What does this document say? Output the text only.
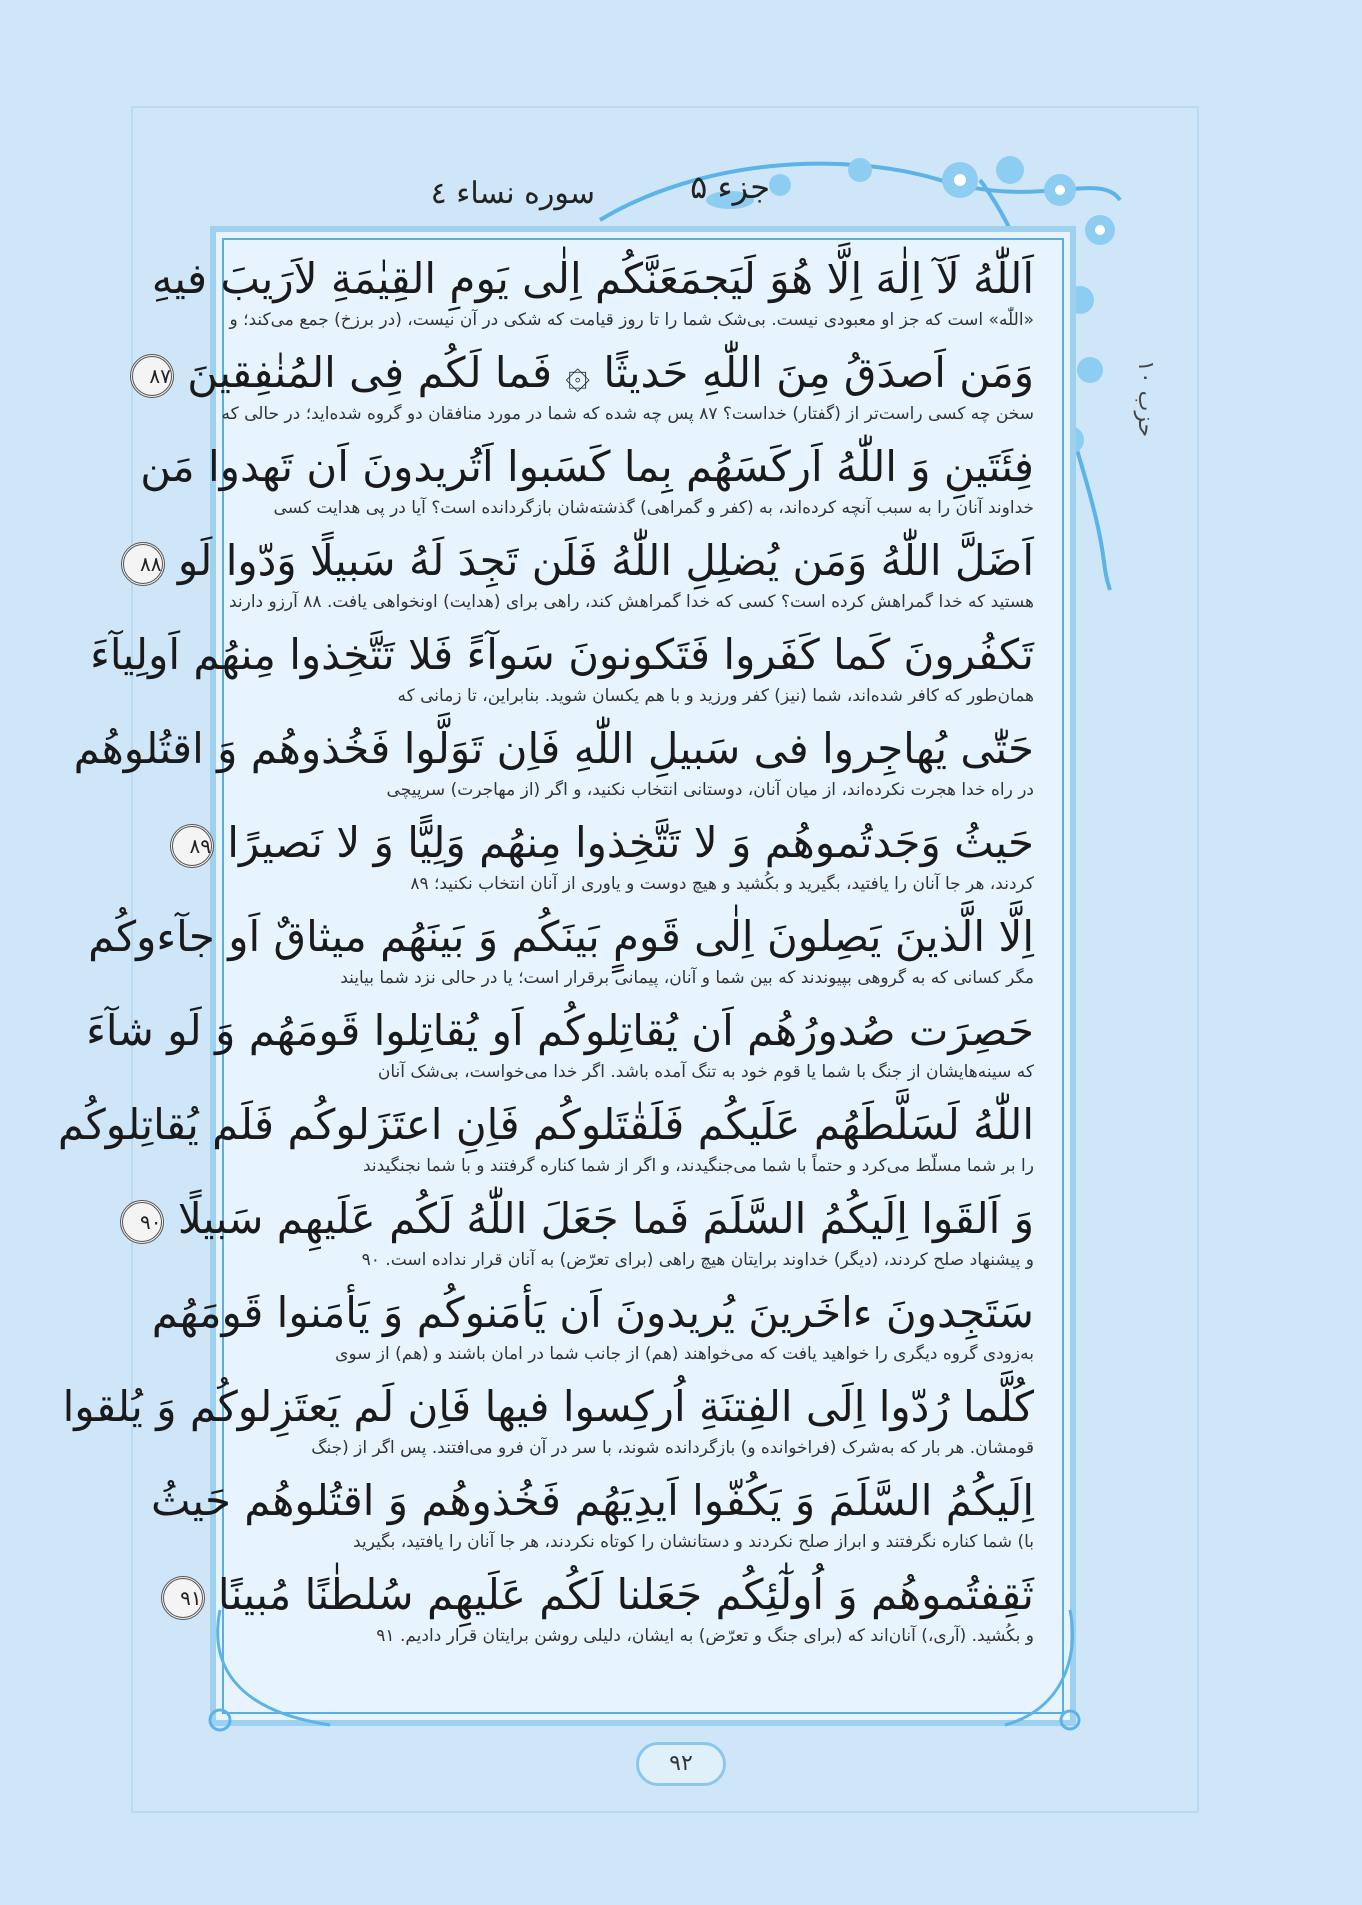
جزء ۵
سوره نساء ٤
حزب ۱۰
اَللّٰهُ لَآ اِلٰهَ اِلَّا هُوَ لَيَجمَعَنَّكُم اِلٰى يَومِ القِيٰمَةِ لاَرَيبَ فيهِ
«اللّٰه» است که جز او معبودی نیست. بی‌شک شما را تا روز قیامت که شکی در آن نیست، (در برزخ) جمع می‌کند؛ و
وَمَن اَصدَقُ مِنَ اللّٰهِ حَديثًا ۞ فَما لَكُم فِى المُنٰفِقينَ ۸۷
سخن چه کسی راست‌تر از (گفتار) خداست؟ ۸۷ پس چه شده که شما در مورد منافقان دو گروه شده‌اید؛ در حالی که
فِئَتَينِ وَ اللّٰهُ اَركَسَهُم بِما كَسَبوا اَتُريدونَ اَن تَهدوا مَن
خداوند آنان را به سبب آنچه کرده‌اند، به (کفر و گمراهی) گذشته‌شان بازگردانده است؟ آیا در پی هدایت کسی
اَضَلَّ اللّٰهُ وَمَن يُضلِلِ اللّٰهُ فَلَن تَجِدَ لَهُ سَبيلًا وَدّوا لَو ۸۸
هستید که خدا گمراهش کرده است؟ کسی که خدا گمراهش کند، راهی برای (هدایت) اونخواهی یافت. ۸۸ آرزو دارند
تَكفُرونَ كَما كَفَروا فَتَكونونَ سَوآءً فَلا تَتَّخِذوا مِنهُم اَولِيآءَ
همان‌طور که کافر شده‌اند، شما (نیز) کفر ورزید و با هم یکسان شوید. بنابراین، تا زمانی که
حَتّٰى يُهاجِروا فى سَبيلِ اللّٰهِ فَاِن تَوَلَّوا فَخُذوهُم وَ اقتُلوهُم
در راه خدا هجرت نکرده‌اند، از میان آنان، دوستانی انتخاب نکنید، و اگر (از مهاجرت) سرپیچی
حَيثُ وَجَدتُموهُم وَ لا تَتَّخِذوا مِنهُم وَلِيًّا وَ لا نَصيرًا ۸۹
کردند، هر جا آنان را یافتید، بگیرید و بکُشید و هیچ دوست و یاوری از آنان انتخاب نکنید؛ ۸۹
اِلَّا الَّذينَ يَصِلونَ اِلٰى قَومٍ بَينَكُم وَ بَينَهُم ميثاقٌ اَو جآءوكُم
مگر کسانی که به گروهی بپیوندند که بین شما و آنان، پیمانی برقرار است؛ یا در حالی نزد شما بیایند
حَصِرَت صُدورُهُم اَن يُقاتِلوكُم اَو يُقاتِلوا قَومَهُم وَ لَو شآءَ
که سینه‌هایشان از جنگ با شما یا قوم خود به تنگ آمده باشد. اگر خدا می‌خواست، بی‌شک آنان
اللّٰهُ لَسَلَّطَهُم عَلَيكُم فَلَقٰتَلوكُم فَاِنِ اعتَزَلوكُم فَلَم يُقاتِلوكُم
را بر شما مسلّط می‌کرد و حتماً با شما می‌جنگیدند، و اگر از شما کناره گرفتند و با شما نجنگیدند
وَ اَلقَوا اِلَيكُمُ السَّلَمَ فَما جَعَلَ اللّٰهُ لَكُم عَلَيهِم سَبيلًا ۹۰
و پیشنهاد صلح کردند، (دیگر) خداوند برایتان هیچ راهی (برای تعرّض) به آنان قرار نداده است. ۹۰
سَتَجِدونَ ءاخَرينَ يُريدونَ اَن يَأمَنوكُم وَ يَأمَنوا قَومَهُم
به‌زودی گروه دیگری را خواهید یافت که می‌خواهند (هم) از جانب شما در امان باشند و (هم) از سوی
كُلَّما رُدّوا اِلَى الفِتنَةِ اُركِسوا فيها فَاِن لَم يَعتَزِلوكُم وَ يُلقوا
قومشان. هر بار که به‌شرک (فراخوانده و) بازگردانده شوند، با سر در آن فرو می‌افتند. پس اگر از (جنگ
اِلَيكُمُ السَّلَمَ وَ يَكُفّوا اَيدِيَهُم فَخُذوهُم وَ اقتُلوهُم حَيثُ
با) شما کناره نگرفتند و ابراز صلح نکردند و دستانشان را کوتاه نکردند، هر جا آنان را یافتید، بگیرید
ثَقِفتُموهُم وَ اُولٰٓئِكُم جَعَلنا لَكُم عَلَيهِم سُلطٰنًا مُبينًا ۹۱
و بکُشید. (آری،) آنان‌اند که (برای جنگ و تعرّض) به ایشان، دلیلی روشن برایتان قرار دادیم. ۹۱
۹۲
